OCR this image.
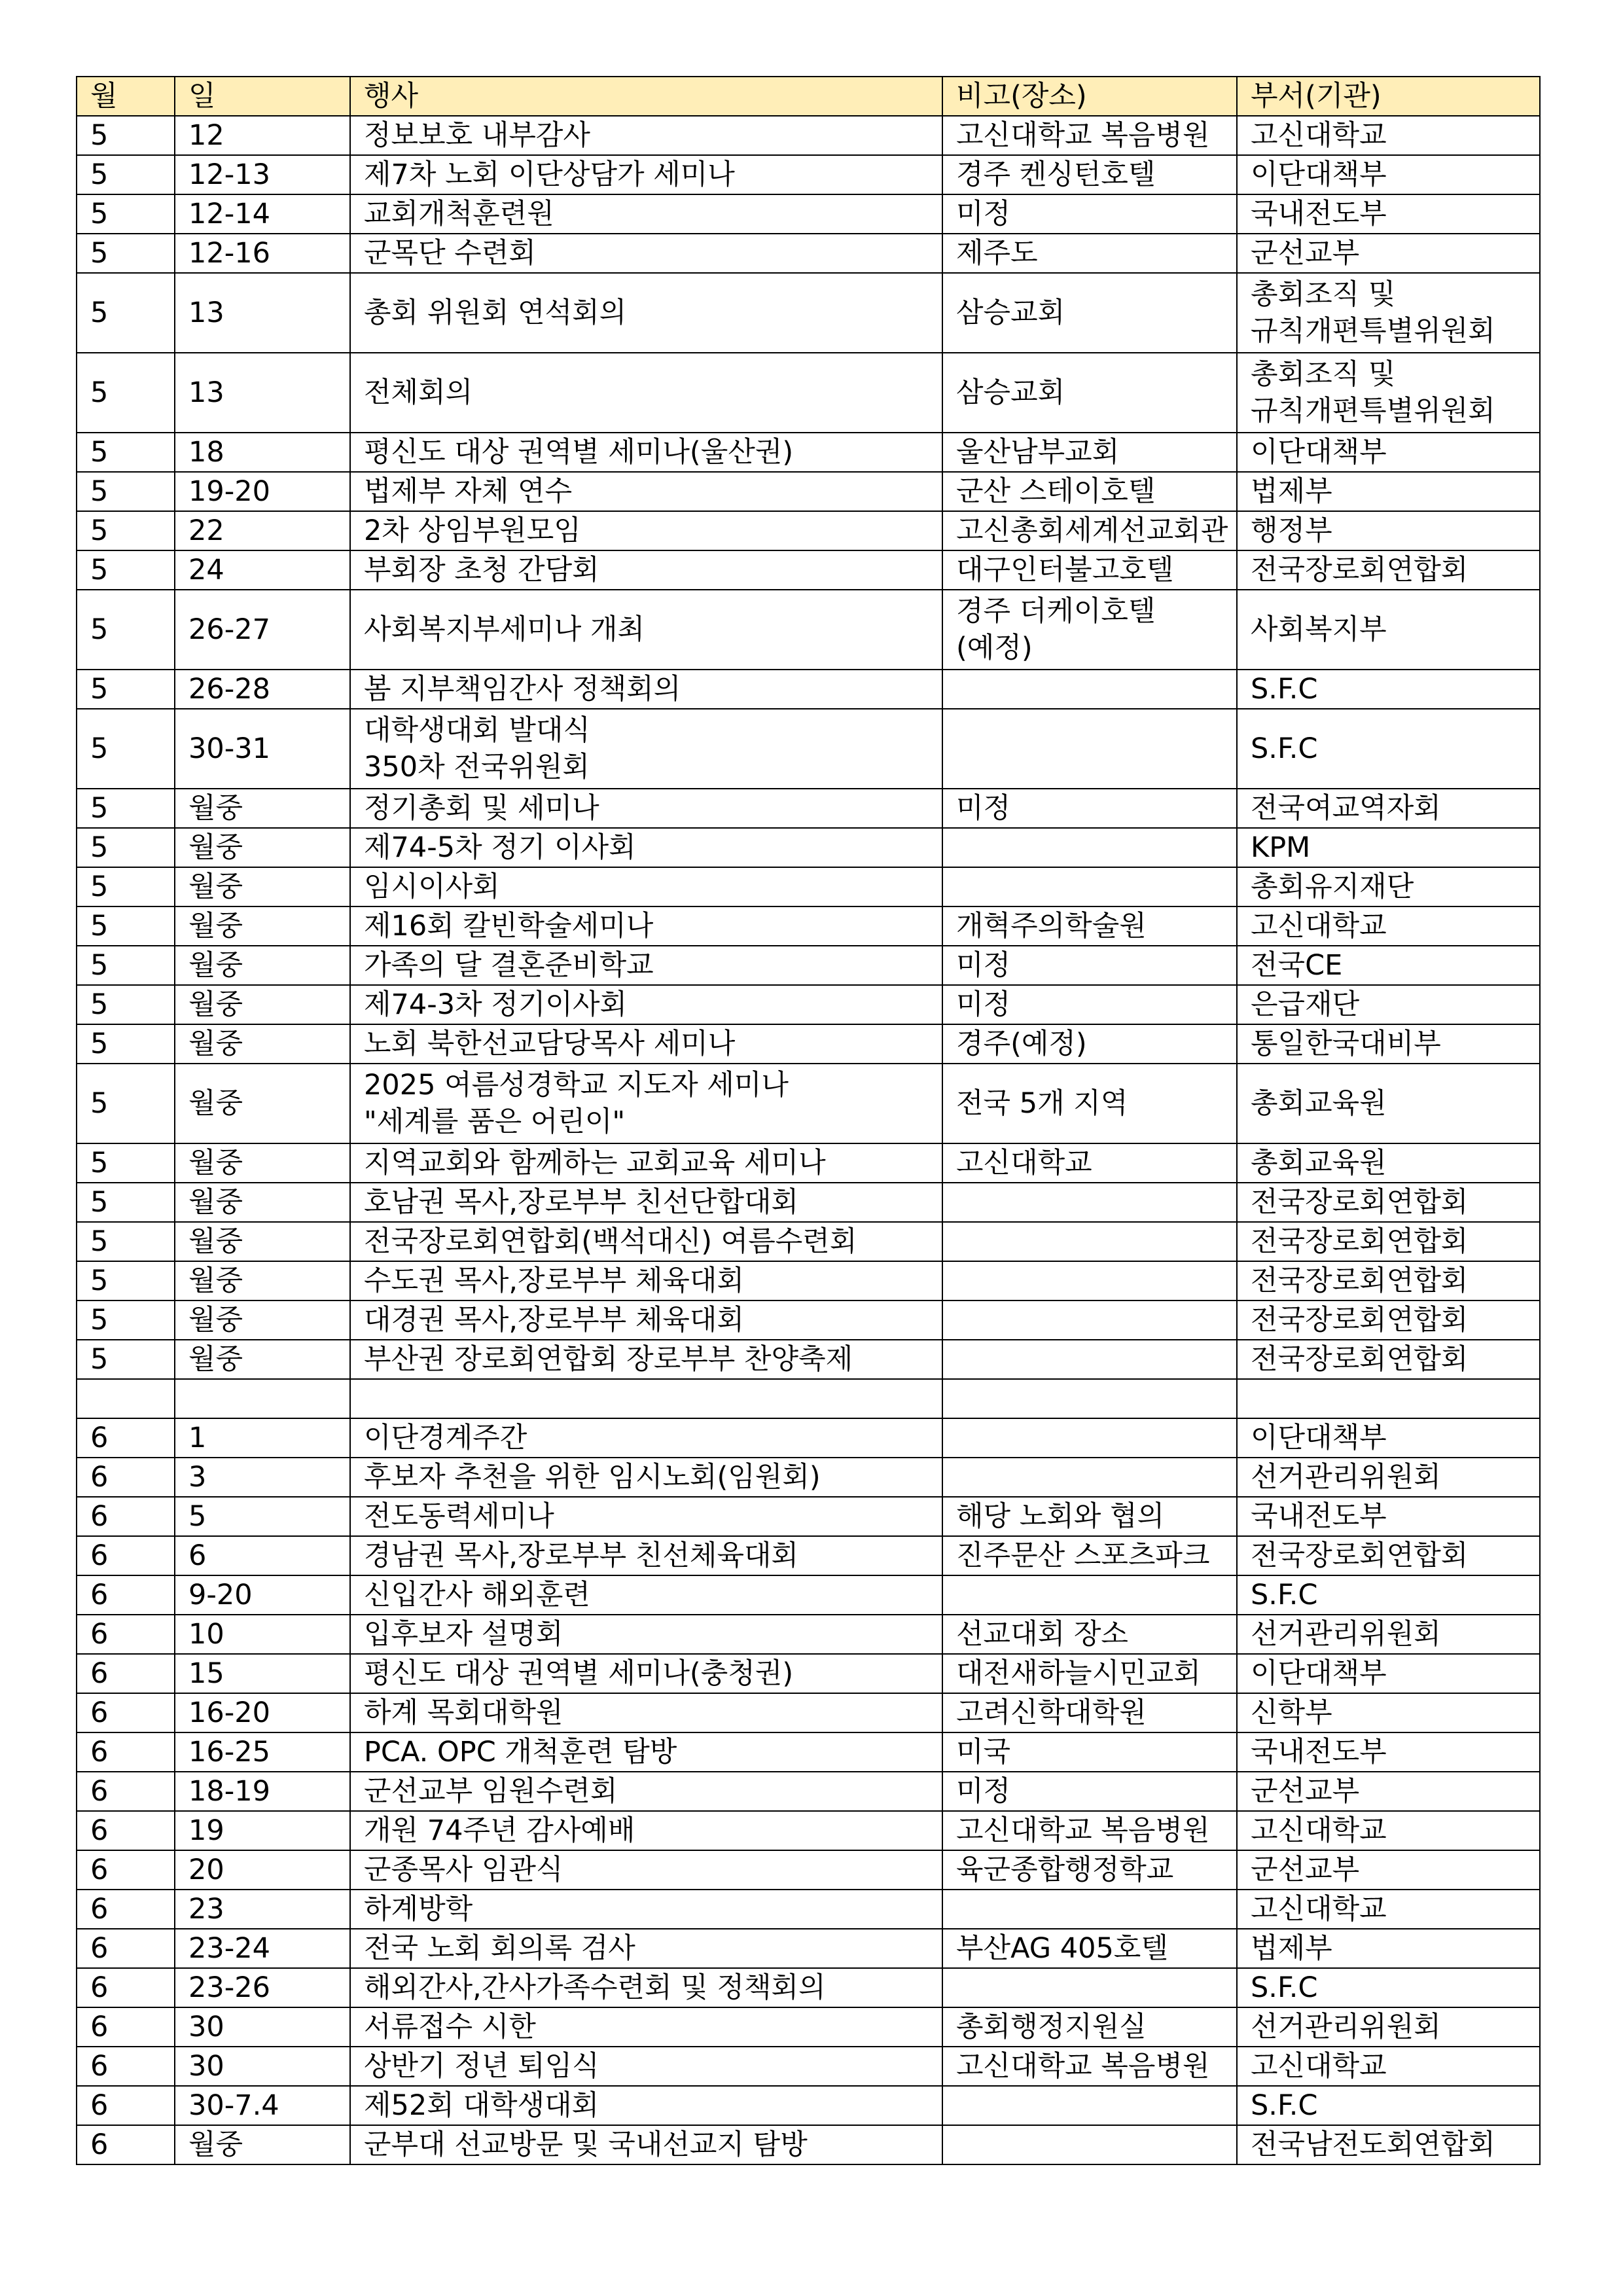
월	일	행사	비고(장소)	부서(기관)
5	12	정보보호 내부감사	고신대학교 복음병원	고신대학교
5	12-13	제7차 노회 이단상담가 세미나	경주 켄싱턴호텔	이단대책부
5	12-14	교회개척훈련원	미정	국내전도부
5	12-16	군목단 수련회	제주도	군선교부
5	13	총회 위원회 연석회의	삼승교회	총회조직 및
규칙개편특별위원회
5	13	전체회의	삼승교회	총회조직 및
규칙개편특별위원회
5	18	평신도 대상 권역별 세미나(울산권)	울산남부교회	이단대책부
5	19-20	법제부 자체 연수	군산 스테이호텔	법제부
5	22	2차 상임부원모임	고신총회세계선교회관	행정부
5	24	부회장 초청 간담회	대구인터불고호텔	전국장로회연합회
5	26-27	사회복지부세미나 개최	경주 더케이호텔
(예정)	사회복지부
5	26-28	봄 지부책임간사 정책회의		S.F.C
5	30-31	대학생대회 발대식
350차 전국위원회		S.F.C
5	월중	정기총회 및 세미나	미정	전국여교역자회
5	월중	제74-5차 정기 이사회		KPM
5	월중	임시이사회		총회유지재단
5	월중	제16회 칼빈학술세미나	개혁주의학술원	고신대학교
5	월중	가족의 달 결혼준비학교	미정	전국CE
5	월중	제74-3차 정기이사회	미정	은급재단
5	월중	노회 북한선교담당목사 세미나	경주(예정)	통일한국대비부
5	월중	2025 여름성경학교 지도자 세미나
"세계를 품은 어린이"	전국 5개 지역	총회교육원
5	월중	지역교회와 함께하는 교회교육 세미나	고신대학교	총회교육원
5	월중	호남권 목사,장로부부 친선단합대회		전국장로회연합회
5	월중	전국장로회연합회(백석대신) 여름수련회		전국장로회연합회
5	월중	수도권 목사,장로부부 체육대회		전국장로회연합회
5	월중	대경권 목사,장로부부 체육대회		전국장로회연합회
5	월중	부산권 장로회연합회 장로부부 찬양축제		전국장로회연합회

6	1	이단경계주간		이단대책부
6	3	후보자 추천을 위한 임시노회(임원회)		선거관리위원회
6	5	전도동력세미나	해당 노회와 협의	국내전도부
6	6	경남권 목사,장로부부 친선체육대회	진주문산 스포츠파크	전국장로회연합회
6	9-20	신입간사 해외훈련		S.F.C
6	10	입후보자 설명회	선교대회 장소	선거관리위원회
6	15	평신도 대상 권역별 세미나(충청권)	대전새하늘시민교회	이단대책부
6	16-20	하계 목회대학원	고려신학대학원	신학부
6	16-25	PCA. OPC 개척훈련 탐방	미국	국내전도부
6	18-19	군선교부 임원수련회	미정	군선교부
6	19	개원 74주년 감사예배	고신대학교 복음병원	고신대학교
6	20	군종목사 임관식	육군종합행정학교	군선교부
6	23	하계방학		고신대학교
6	23-24	전국 노회 회의록 검사	부산AG 405호텔	법제부
6	23-26	해외간사,간사가족수련회 및 정책회의		S.F.C
6	30	서류접수 시한	총회행정지원실	선거관리위원회
6	30	상반기 정년 퇴임식	고신대학교 복음병원	고신대학교
6	30-7.4	제52회 대학생대회		S.F.C
6	월중	군부대 선교방문 및 국내선교지 탐방		전국남전도회연합회
